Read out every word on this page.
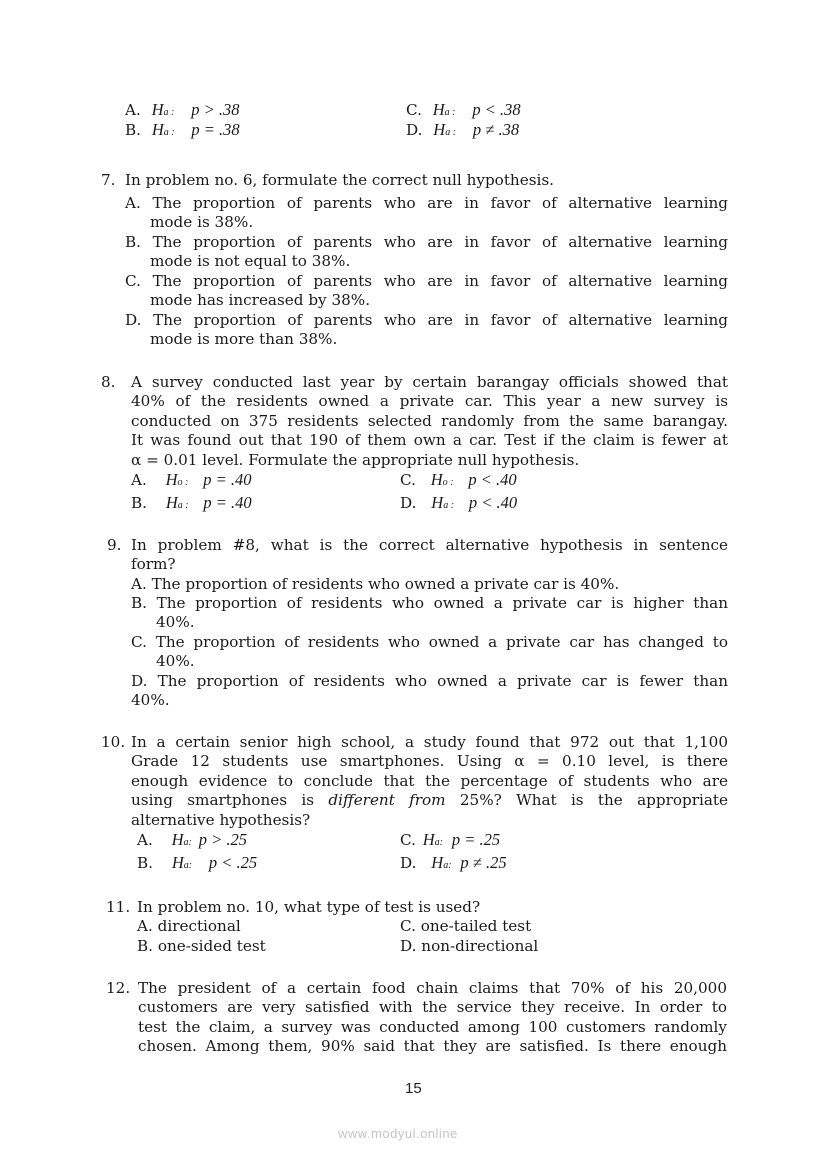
A. Ha : p > .38
B. Ha : p = .38
C. Ha : p < .38
D. Ha : p ≠ .38
7. In problem no. 6, formulate the correct null hypothesis.
A. The proportion of parents who are in favor of alternative learning
mode is 38%.
B. The proportion of parents who are in favor of alternative learning
mode is not equal to 38%.
C. The proportion of parents who are in favor of alternative learning
mode has increased by 38%.
D. The proportion of parents who are in favor of alternative learning
mode is more than 38%.
8. A survey conducted last year by certain barangay officials showed that
40% of the residents owned a private car. This year a new survey is
conducted on 375 residents selected randomly from the same barangay.
It was found out that 190 of them own a car. Test if the claim is fewer at
α = 0.01 level. Formulate the appropriate null hypothesis.
A. Ho : p = .40
B. Ha : p = .40
C. Ho : p < .40
D. Ha : p < .40
9. In problem #8, what is the correct alternative hypothesis in sentence
form?
A. The proportion of residents who owned a private car is 40%.
B. The proportion of residents who owned a private car is higher than
40%.
C. The proportion of residents who owned a private car has changed to
40%.
D. The proportion of residents who owned a private car is fewer than
40%.
10. In a certain senior high school, a study found that 972 out that 1,100
Grade 12 students use smartphones. Using α = 0.10 level, is there
enough evidence to conclude that the percentage of students who are
using smartphones is different from 25%? What is the appropriate
alternative hypothesis?
A. Ha: p > .25
B. Ha: p < .25
C. Ha: p = .25
D. Ha: p ≠ .25
11. In problem no. 10, what type of test is used?
A. directional
B. one-sided test
C. one-tailed test
D. non-directional
12. The president of a certain food chain claims that 70% of his 20,000
customers are very satisfied with the service they receive. In order to
test the claim, a survey was conducted among 100 customers randomly
chosen. Among them, 90% said that they are satisfied. Is there enough
15
www.modyul.online
